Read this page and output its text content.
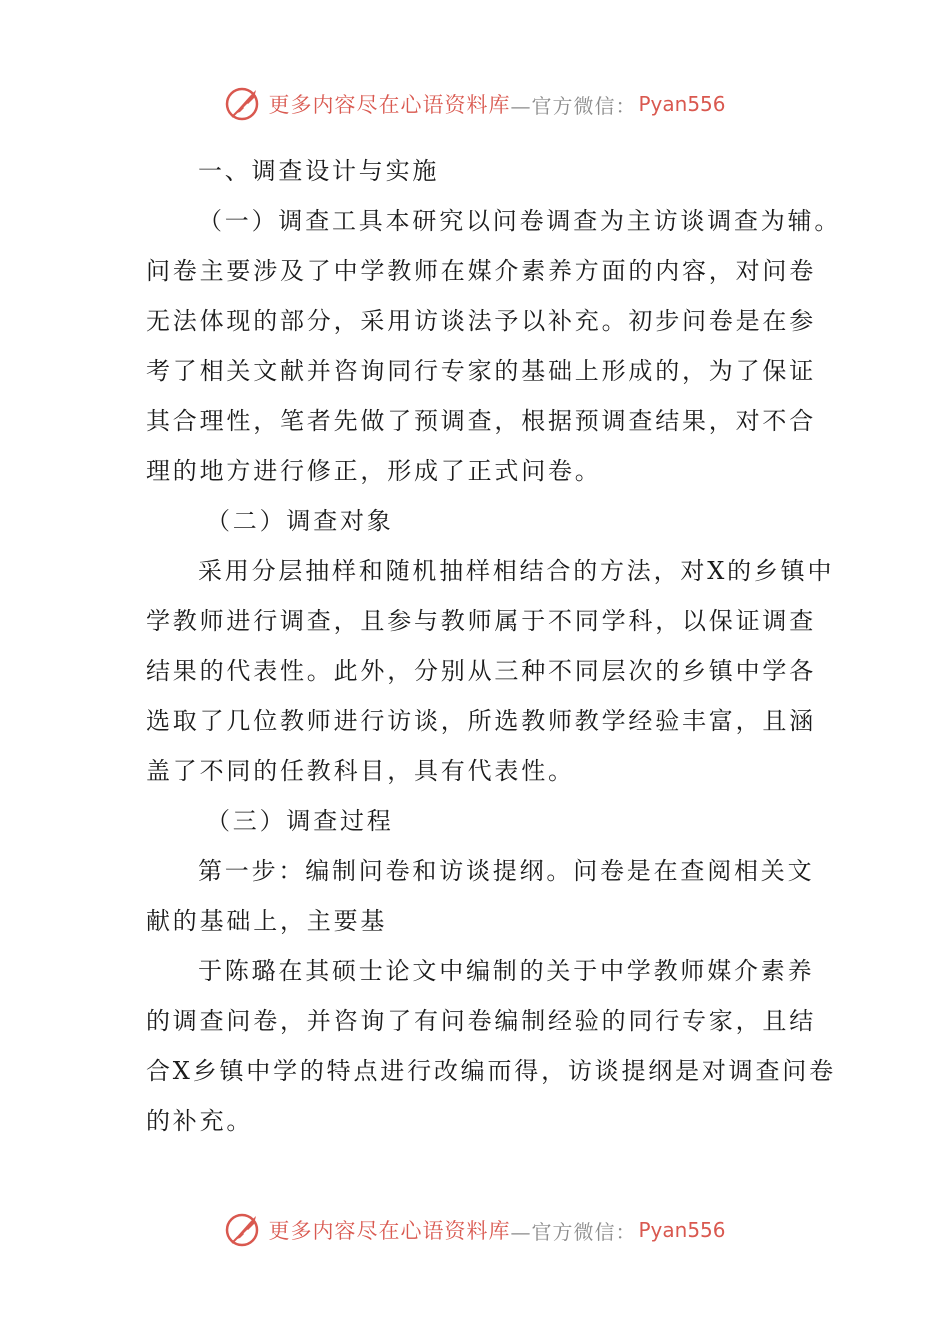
更多内容尽在心语资料库 —官方微信： Pyan556
一、调查设计与实施
（一）调查工具本研究以问卷调查为主访谈调查为辅。
问卷主要涉及了中学教师在媒介素养方面的内容，对问卷
无法体现的部分，采用访谈法予以补充。初步问卷是在参
考了相关文献并咨询同行专家的基础上形成的，为了保证
其合理性，笔者先做了预调查，根据预调查结果，对不合
理的地方进行修正，形成了正式问卷。
（二）调查对象
采用分层抽样和随机抽样相结合的方法，对X的乡镇中
学教师进行调查，且参与教师属于不同学科，以保证调查
结果的代表性。此外，分别从三种不同层次的乡镇中学各
选取了几位教师进行访谈，所选教师教学经验丰富，且涵
盖了不同的任教科目，具有代表性。
（三）调查过程
第一步：编制问卷和访谈提纲。问卷是在查阅相关文
献的基础上，主要基
于陈璐在其硕士论文中编制的关于中学教师媒介素养
的调查问卷，并咨询了有问卷编制经验的同行专家，且结
合X乡镇中学的特点进行改编而得，访谈提纲是对调查问卷
的补充。
更多内容尽在心语资料库 —官方微信： Pyan556
